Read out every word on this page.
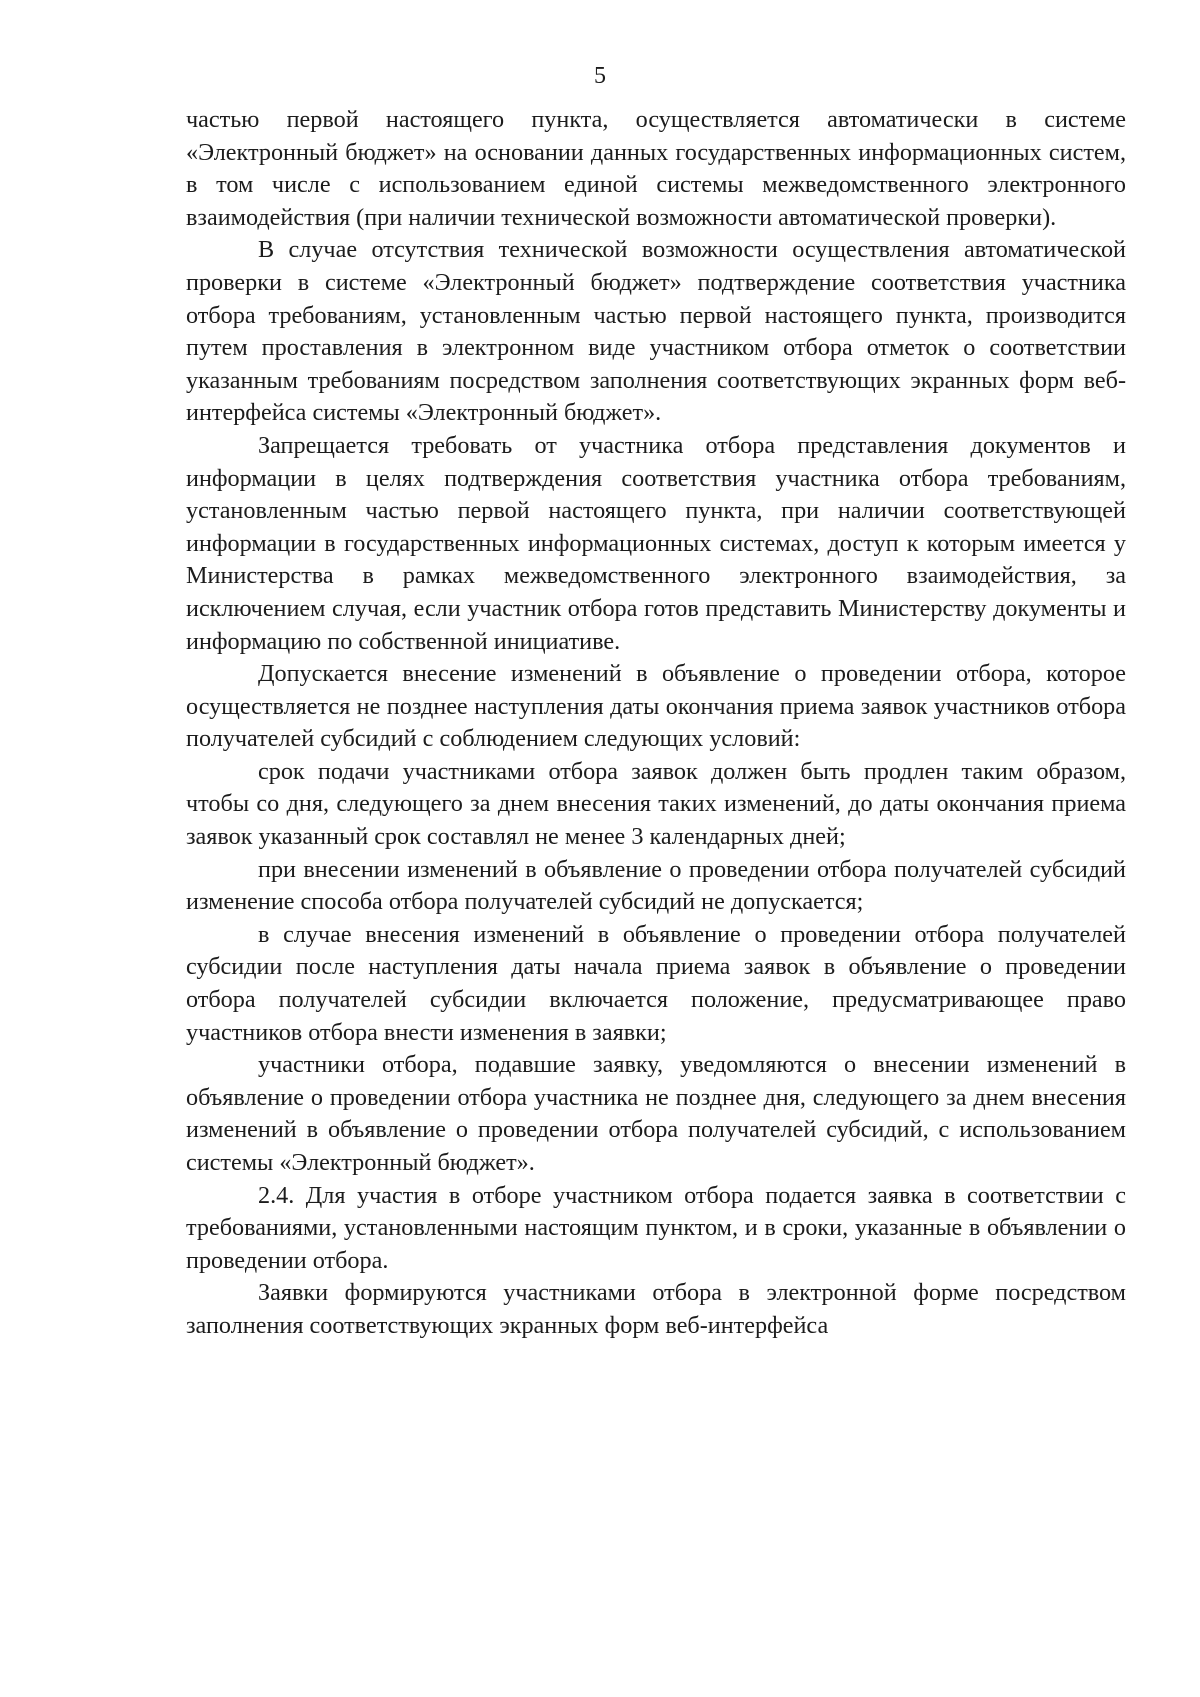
5

частью первой настоящего пункта, осуществляется автоматически в системе «Электронный бюджет» на основании данных государственных информационных систем, в том числе с использованием единой системы межведомственного электронного взаимодействия (при наличии технической возможности автоматической проверки).

В случае отсутствия технической возможности осуществления автоматической проверки в системе «Электронный бюджет» подтверждение соответствия участника отбора требованиям, установленным частью первой настоящего пункта, производится путем проставления в электронном виде участником отбора отметок о соответствии указанным требованиям посредством заполнения соответствующих экранных форм веб-интерфейса системы «Электронный бюджет».

Запрещается требовать от участника отбора представления документов и информации в целях подтверждения соответствия участника отбора требованиям, установленным частью первой настоящего пункта, при наличии соответствующей информации в государственных информационных системах, доступ к которым имеется у Министерства в рамках межведомственного электронного взаимодействия, за исключением случая, если участник отбора готов представить Министерству документы и информацию по собственной инициативе.

Допускается внесение изменений в объявление о проведении отбора, которое осуществляется не позднее наступления даты окончания приема заявок участников отбора получателей субсидий с соблюдением следующих условий:

срок подачи участниками отбора заявок должен быть продлен таким образом, чтобы со дня, следующего за днем внесения таких изменений, до даты окончания приема заявок указанный срок составлял не менее 3 календарных дней;

при внесении изменений в объявление о проведении отбора получателей субсидий изменение способа отбора получателей субсидий не допускается;

в случае внесения изменений в объявление о проведении отбора получателей субсидии после наступления даты начала приема заявок в объявление о проведении отбора получателей субсидии включается положение, предусматривающее право участников отбора внести изменения в заявки;

участники отбора, подавшие заявку, уведомляются о внесении изменений в объявление о проведении отбора участника не позднее дня, следующего за днем внесения изменений в объявление о проведении отбора получателей субсидий, с использованием системы «Электронный бюджет».

2.4. Для участия в отборе участником отбора подается заявка в соответствии с требованиями, установленными настоящим пунктом, и в сроки, указанные в объявлении о проведении отбора.

Заявки формируются участниками отбора в электронной форме посредством заполнения соответствующих экранных форм веб-интерфейса
